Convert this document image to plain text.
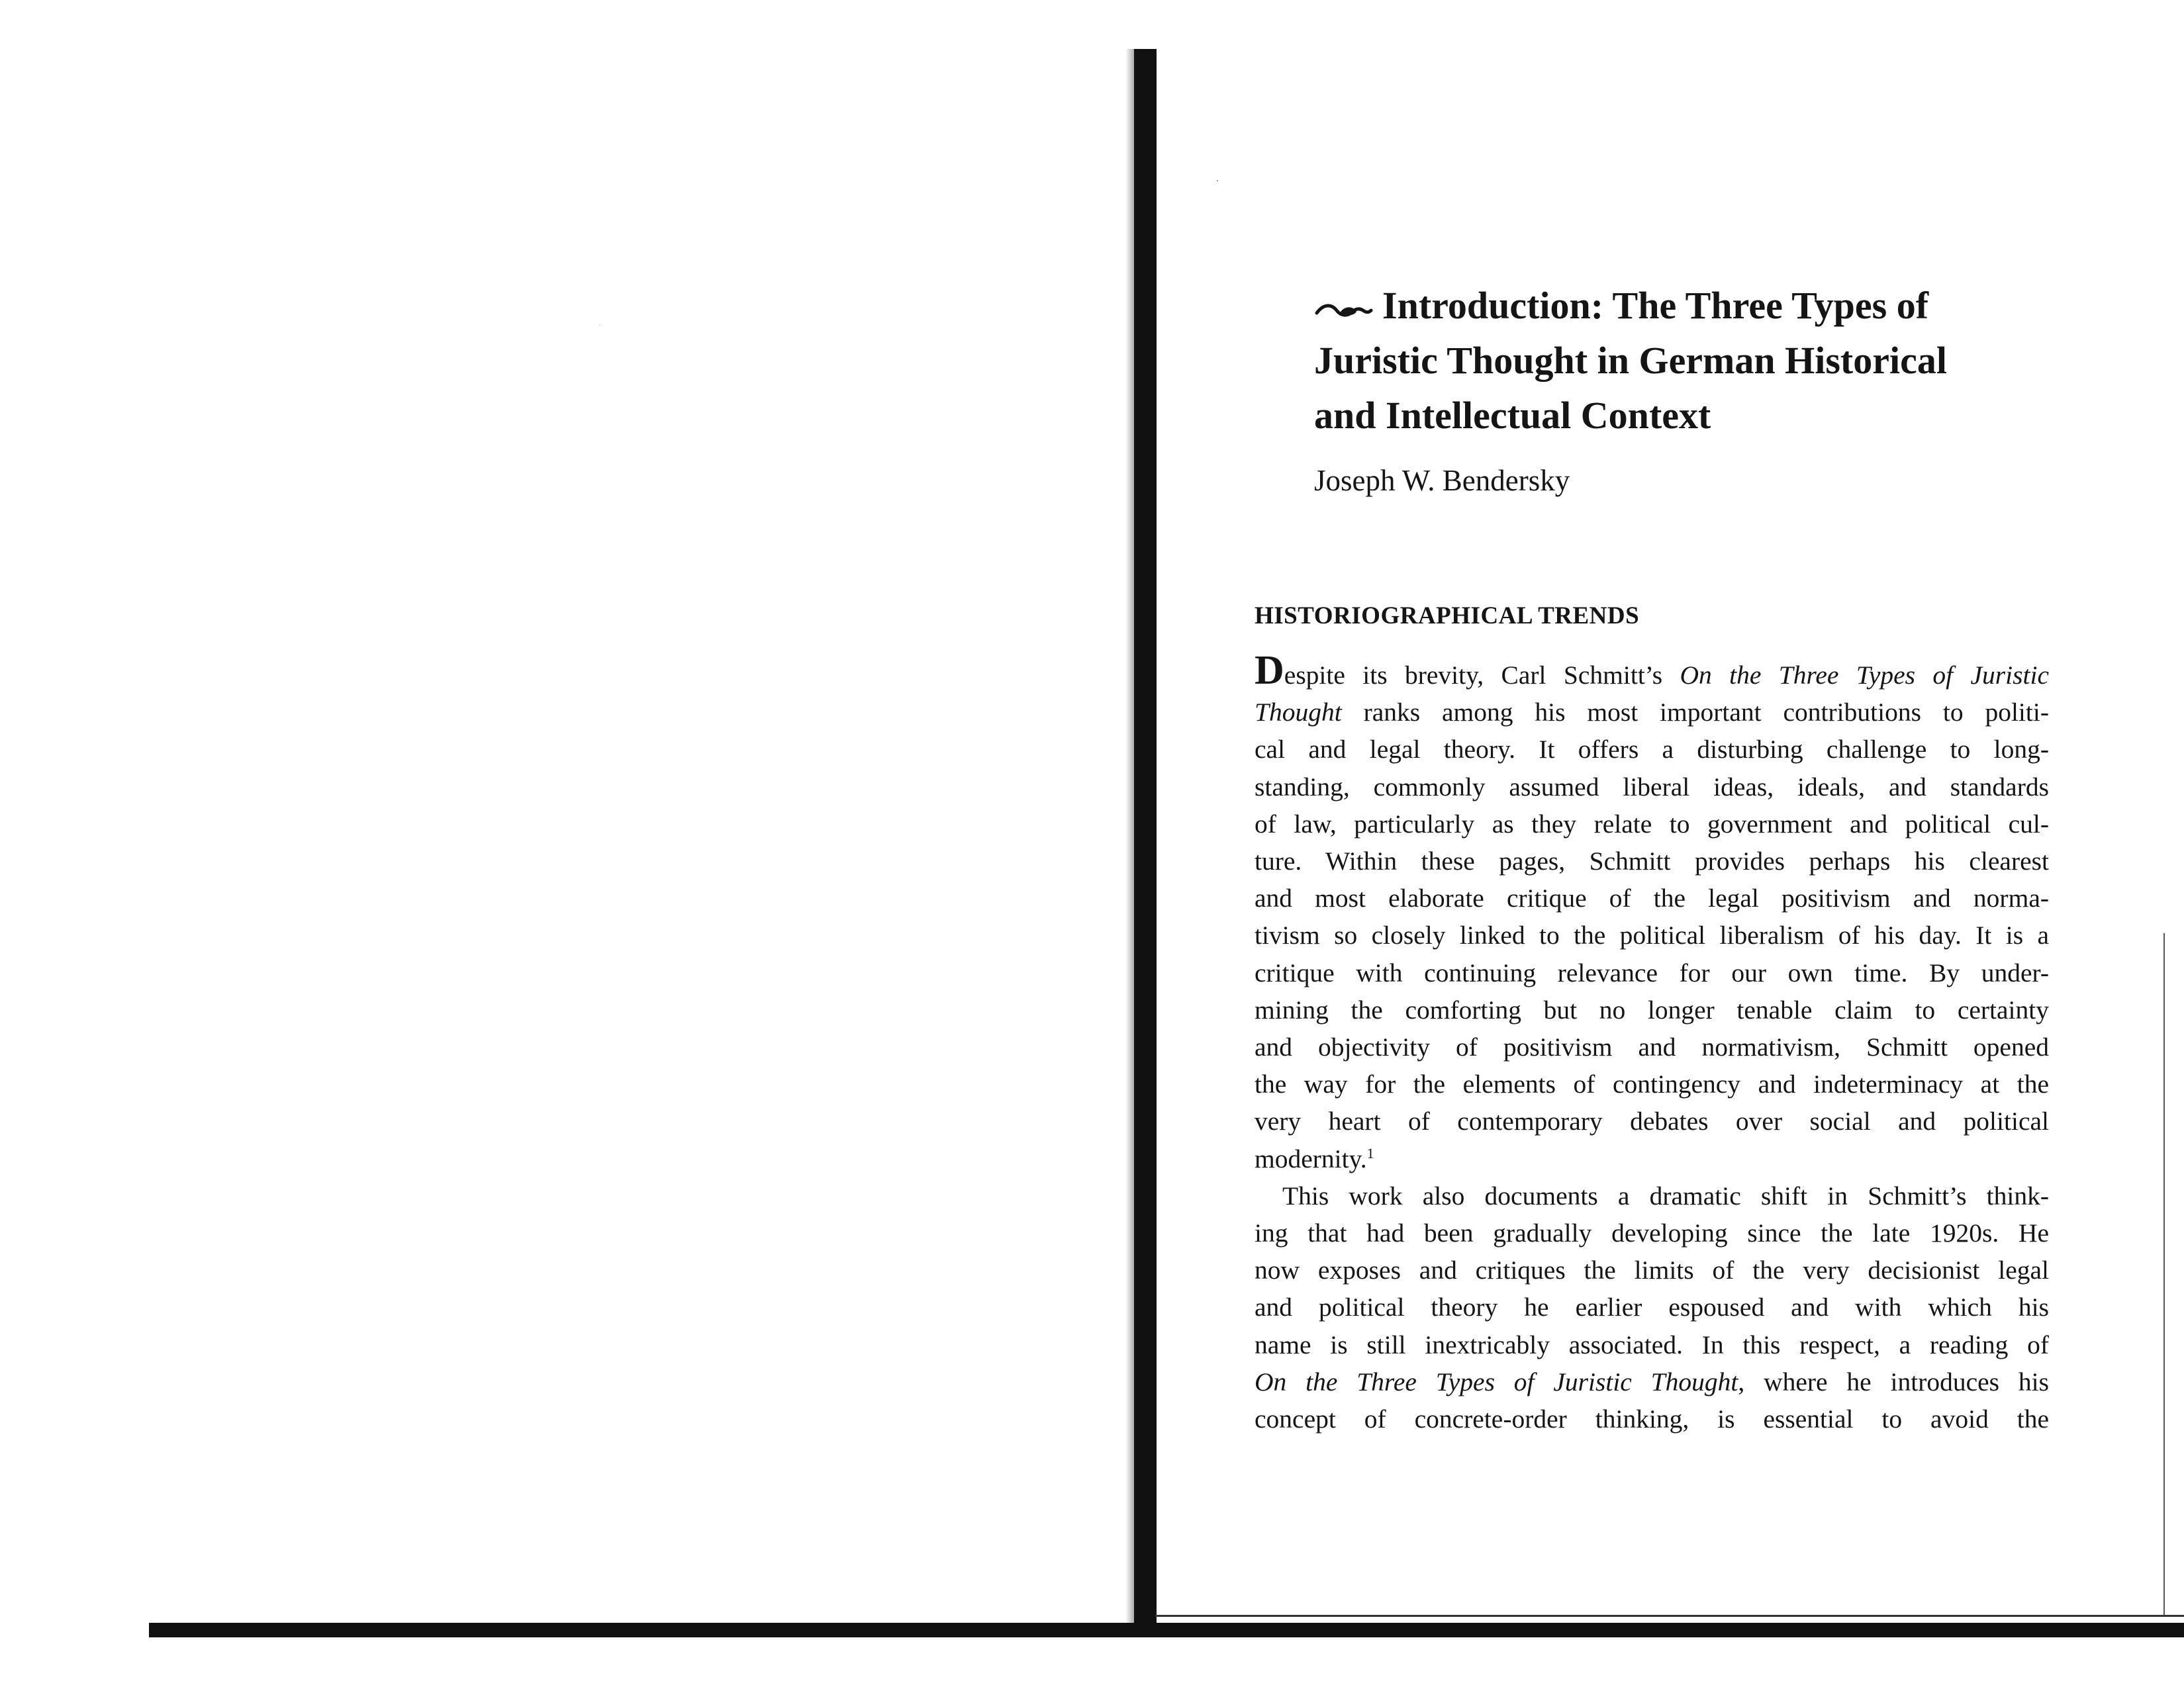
Introduction: The Three Types of
Juristic Thought in German Historical
and Intellectual Context
Joseph W. Bendersky
HISTORIOGRAPHICAL TRENDS
Despite its brevity, Carl Schmitt’s On the Three Types of Juristic
Thought ranks among his most important contributions to politi-
cal and legal theory. It offers a disturbing challenge to long-
standing, commonly assumed liberal ideas, ideals, and standards
of law, particularly as they relate to government and political cul-
ture. Within these pages, Schmitt provides perhaps his clearest
and most elaborate critique of the legal positivism and norma-
tivism so closely linked to the political liberalism of his day. It is a
critique with continuing relevance for our own time. By under-
mining the comforting but no longer tenable claim to certainty
and objectivity of positivism and normativism, Schmitt opened
the way for the elements of contingency and indeterminacy at the
very heart of contemporary debates over social and political
modernity.$^1$
This work also documents a dramatic shift in Schmitt’s think-
ing that had been gradually developing since the late 1920s. He
now exposes and critiques the limits of the very decisionist legal
and political theory he earlier espoused and with which his
name is still inextricably associated. In this respect, a reading of
On the Three Types of Juristic Thought, where he introduces his
concept of concrete-order thinking, is essential to avoid the
